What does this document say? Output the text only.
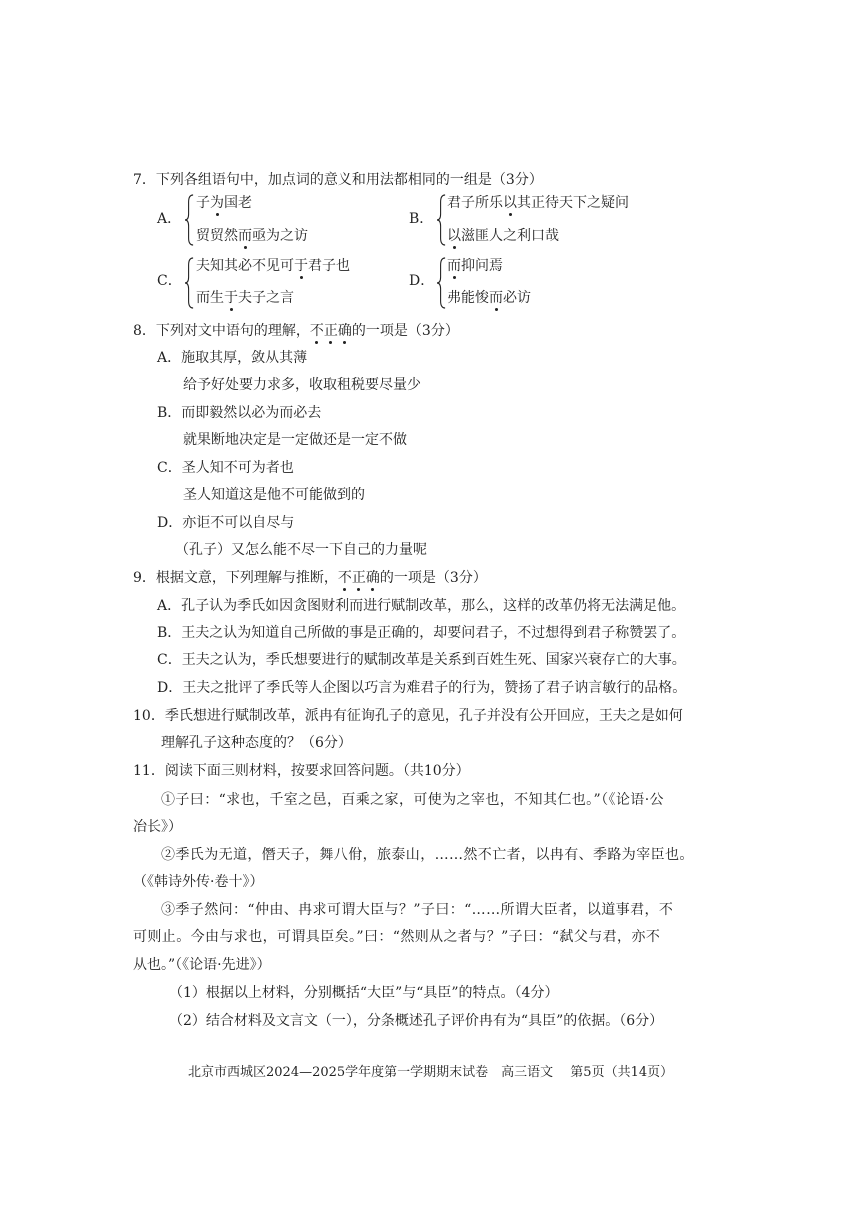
7．下列各组语句中，加点词的意义和用法都相同的一组是（3分）
A．
子为国老
贸贸然而亟为之访
B．
君子所乐以其正待天下之疑问
以滋匪人之利口哉
C．
夫知其必不见可于君子也
而生于夫子之言
D．
而抑问焉
弗能悛而必访
8．下列对文中语句的理解，不正确的一项是（3分）
A．施取其厚，敛从其薄
给予好处要力求多，收取租税要尽量少
B．而即毅然以必为而必去
就果断地决定是一定做还是一定不做
C．圣人知不可为者也
圣人知道这是他不可能做到的
D．亦讵不可以自尽与
（孔子）又怎么能不尽一下自己的力量呢
9．根据文意，下列理解与推断，不正确的一项是（3分）
A．孔子认为季氏如因贪图财利而进行赋制改革，那么，这样的改革仍将无法满足他。
B．王夫之认为知道自己所做的事是正确的，却要问君子，不过想得到君子称赞罢了。
C．王夫之认为，季氏想要进行的赋制改革是关系到百姓生死、国家兴衰存亡的大事。
D．王夫之批评了季氏等人企图以巧言为难君子的行为，赞扬了君子讷言敏行的品格。
10．季氏想进行赋制改革，派冉有征询孔子的意见，孔子并没有公开回应，王夫之是如何
理解孔子这种态度的？（6分）
11．阅读下面三则材料，按要求回答问题。（共10分）
①子曰：“求也，千室之邑，百乘之家，可使为之宰也，不知其仁也。”（《论语·公
冶长》）
②季氏为无道，僭天子，舞八佾，旅泰山，……然不亡者，以冉有、季路为宰臣也。
（《韩诗外传·卷十》）
③季子然问：“仲由、冉求可谓大臣与？”子曰：“……所谓大臣者，以道事君，不
可则止。今由与求也，可谓具臣矣。”曰：“然则从之者与？”子曰：“弑父与君，亦不
从也。”（《论语·先进》）
（1）根据以上材料，分别概括“大臣”与“具臣”的特点。（4分）
（2）结合材料及文言文（一），分条概述孔子评价冉有为“具臣”的依据。（6分）
北京市西城区2024—2025学年度第一学期期末试卷　高三语文　 第5页（共14页）
